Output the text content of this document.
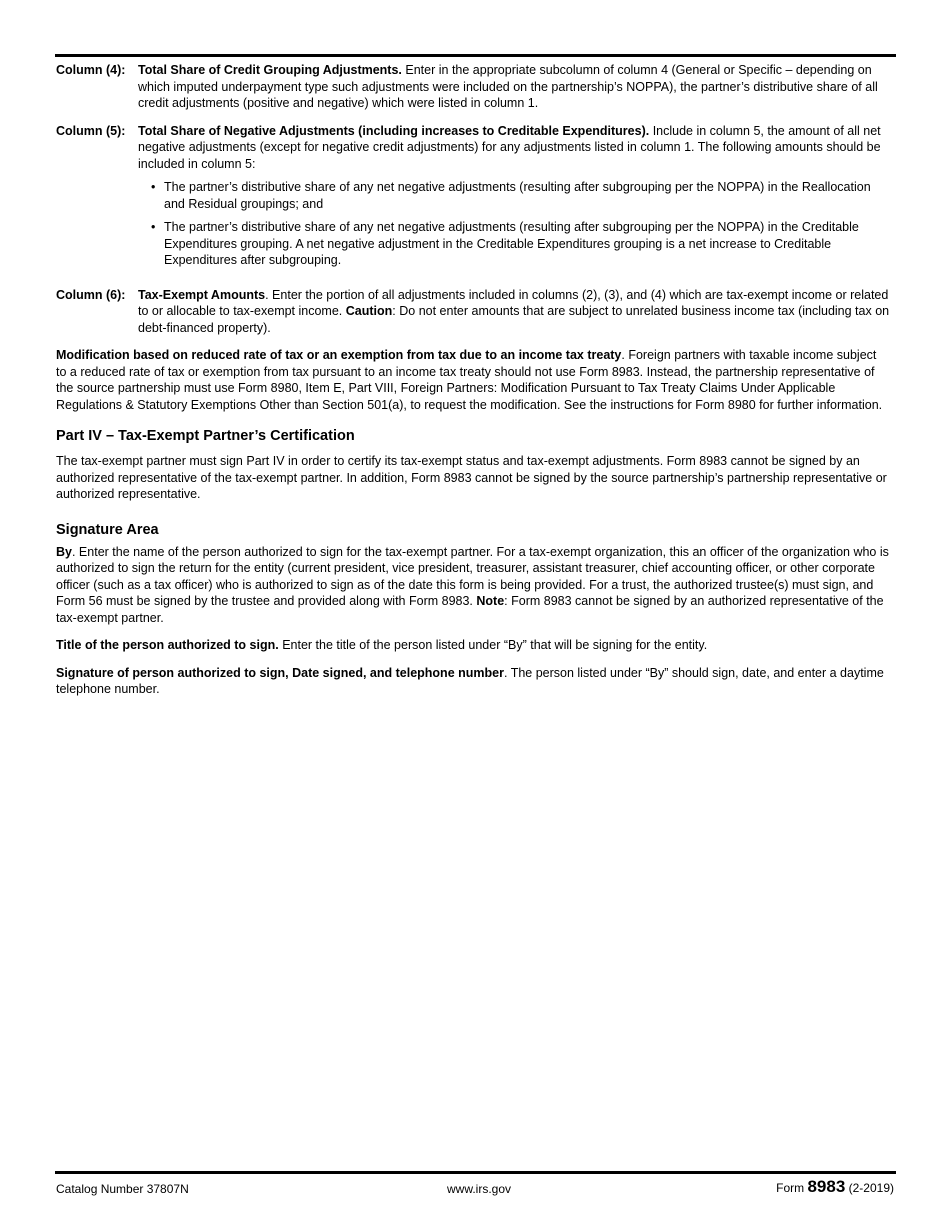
Column (4):	Total Share of Credit Grouping Adjustments. Enter in the appropriate subcolumn of column 4 (General or Specific – depending on which imputed underpayment type such adjustments were included on the partnership’s NOPPA), the partner’s distributive share of all credit adjustments (positive and negative) which were listed in column 1.
Column (5):	Total Share of Negative Adjustments (including increases to Creditable Expenditures). Include in column 5, the amount of all net negative adjustments (except for negative credit adjustments) for any adjustments listed in column 1. The following amounts should be included in column 5:
• The partner’s distributive share of any net negative adjustments (resulting after subgrouping per the NOPPA) in the Reallocation and Residual groupings; and
• The partner’s distributive share of any net negative adjustments (resulting after subgrouping per the NOPPA) in the Creditable Expenditures grouping. A net negative adjustment in the Creditable Expenditures grouping is a net increase to Creditable Expenditures after subgrouping.
Column (6):	Tax-Exempt Amounts. Enter the portion of all adjustments included in columns (2), (3), and (4) which are tax-exempt income or related to or allocable to tax-exempt income. Caution: Do not enter amounts that are subject to unrelated business income tax (including tax on debt-financed property).

Modification based on reduced rate of tax or an exemption from tax due to an income tax treaty. Foreign partners with taxable income subject to a reduced rate of tax or exemption from tax pursuant to an income tax treaty should not use Form 8983. Instead, the partnership representative of the source partnership must use Form 8980, Item E, Part VIII, Foreign Partners: Modification Pursuant to Tax Treaty Claims Under Applicable Regulations & Statutory Exemptions Other than Section 501(a), to request the modification. See the instructions for Form 8980 for further information.

Part IV – Tax-Exempt Partner’s Certification

The tax-exempt partner must sign Part IV in order to certify its tax-exempt status and tax-exempt adjustments. Form 8983 cannot be signed by an authorized representative of the tax-exempt partner. In addition, Form 8983 cannot be signed by the source partnership’s partnership representative or authorized representative.

Signature Area

By. Enter the name of the person authorized to sign for the tax-exempt partner. For a tax-exempt organization, this an officer of the organization who is authorized to sign the return for the entity (current president, vice president, treasurer, assistant treasurer, chief accounting officer, or other corporate officer (such as a tax officer) who is authorized to sign as of the date this form is being provided. For a trust, the authorized trustee(s) must sign, and Form 56 must be signed by the trustee and provided along with Form 8983. Note: Form 8983 cannot be signed by an authorized representative of the tax-exempt partner.

Title of the person authorized to sign. Enter the title of the person listed under “By” that will be signing for the entity.

Signature of person authorized to sign, Date signed, and telephone number. The person listed under “By” should sign, date, and enter a daytime telephone number.

Catalog Number 37807N	www.irs.gov	Form 8983 (2-2019)
